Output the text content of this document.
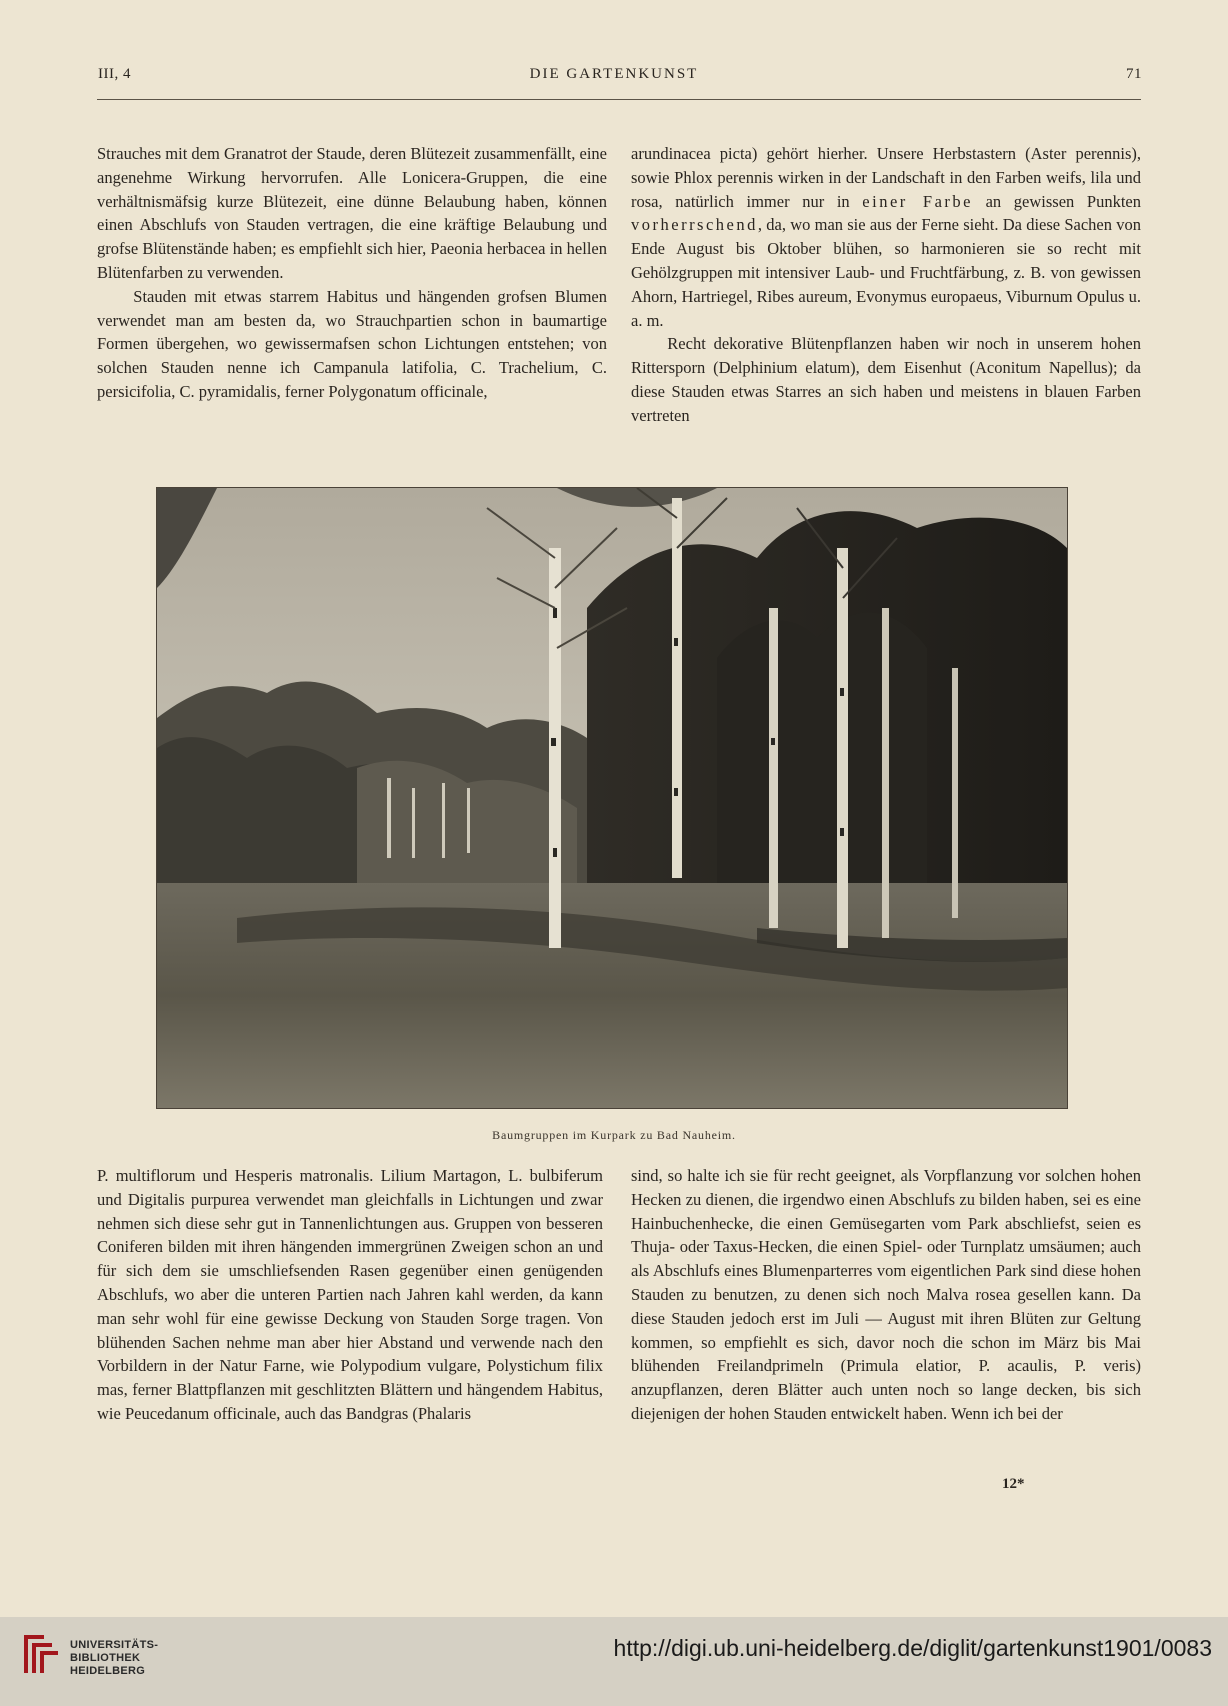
III, 4	DIE GARTENKUNST	71

Strauches mit dem Granatrot der Staude, deren Blütezeit zusammenfällt, eine angenehme Wirkung hervorrufen. Alle Lonicera-Gruppen, die eine verhältnismäfsig kurze Blütezeit, eine dünne Belaubung haben, können einen Abschlufs von Stauden vertragen, die eine kräftige Belaubung und grofse Blütenstände haben; es empfiehlt sich hier, Paeonia herbacea in hellen Blütenfarben zu verwenden.

Stauden mit etwas starrem Habitus und hängenden grofsen Blumen verwendet man am besten da, wo Strauchpartien schon in baumartige Formen übergehen, wo gewissermafsen schon Lichtungen entstehen; von solchen Stauden nenne ich Campanula latifolia, C. Trachelium, C. persicifolia, C. pyramidalis, ferner Polygonatum officinale,

arundinacea picta) gehört hierher. Unsere Herbstastern (Aster perennis), sowie Phlox perennis wirken in der Landschaft in den Farben weifs, lila und rosa, natürlich immer nur in einer Farbe an gewissen Punkten vorherrschend, da, wo man sie aus der Ferne sieht. Da diese Sachen von Ende August bis Oktober blühen, so harmonieren sie so recht mit Gehölzgruppen mit intensiver Laub- und Fruchtfärbung, z. B. von gewissen Ahorn, Hartriegel, Ribes aureum, Evonymus europaeus, Viburnum Opulus u. a. m.

Recht dekorative Blütenpflanzen haben wir noch in unserem hohen Rittersporn (Delphinium elatum), dem Eisenhut (Aconitum Napellus); da diese Stauden etwas Starres an sich haben und meistens in blauen Farben vertreten

Baumgruppen im Kurpark zu Bad Nauheim.

P. multiflorum und Hesperis matronalis. Lilium Martagon, L. bulbiferum und Digitalis purpurea verwendet man gleichfalls in Lichtungen und zwar nehmen sich diese sehr gut in Tannenlichtungen aus. Gruppen von besseren Coniferen bilden mit ihren hängenden immergrünen Zweigen schon an und für sich dem sie umschliefsenden Rasen gegenüber einen genügenden Abschlufs, wo aber die unteren Partien nach Jahren kahl werden, da kann man sehr wohl für eine gewisse Deckung von Stauden Sorge tragen. Von blühenden Sachen nehme man aber hier Abstand und verwende nach den Vorbildern in der Natur Farne, wie Polypodium vulgare, Polystichum filix mas, ferner Blattpflanzen mit geschlitzten Blättern und hängendem Habitus, wie Peucedanum officinale, auch das Bandgras (Phalaris

sind, so halte ich sie für recht geeignet, als Vorpflanzung vor solchen hohen Hecken zu dienen, die irgendwo einen Abschlufs zu bilden haben, sei es eine Hainbuchenhecke, die einen Gemüsegarten vom Park abschliefst, seien es Thuja- oder Taxus-Hecken, die einen Spiel- oder Turnplatz umsäumen; auch als Abschlufs eines Blumenparterres vom eigentlichen Park sind diese hohen Stauden zu benutzen, zu denen sich noch Malva rosea gesellen kann. Da diese Stauden jedoch erst im Juli — August mit ihren Blüten zur Geltung kommen, so empfiehlt es sich, davor noch die schon im März bis Mai blühenden Freilandprimeln (Primula elatior, P. acaulis, P. veris) anzupflanzen, deren Blätter auch unten noch so lange decken, bis sich diejenigen der hohen Stauden entwickelt haben. Wenn ich bei der

12*
UNIVERSITÄTS-
BIBLIOTHEK
HEIDELBERG
http://digi.ub.uni-heidelberg.de/diglit/gartenkunst1901/0083
